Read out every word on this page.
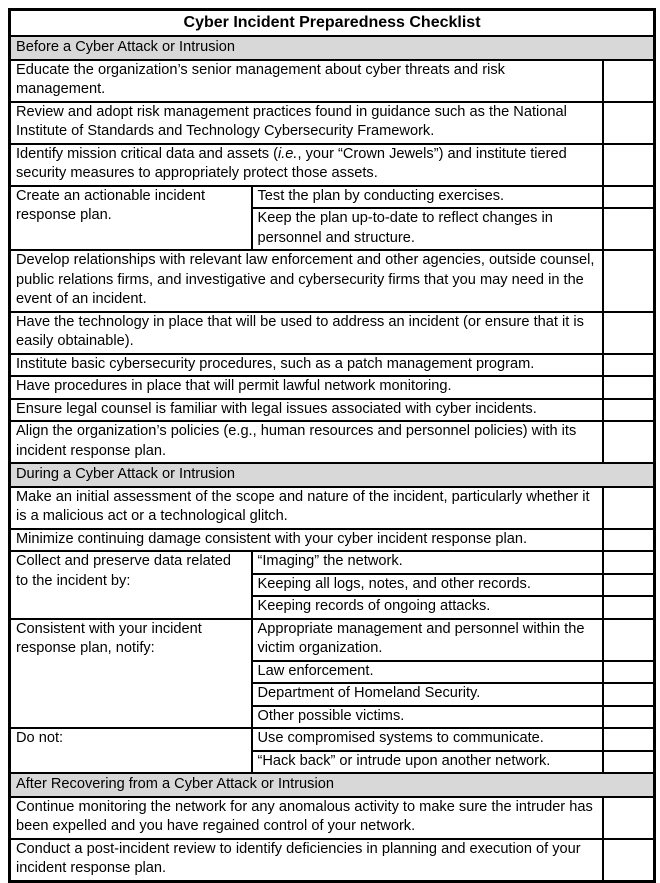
Cyber Incident Preparedness Checklist		
Before a Cyber Attack or Intrusion		
Educate the organization’s senior management about cyber threats and risk management.		
Review and adopt risk management practices found in guidance such as the National Institute of Standards and Technology Cybersecurity Framework.		
Identify mission critical data and assets (i.e., your “Crown Jewels”) and institute tiered security measures to appropriately protect those assets.		
Create an actionable incident response plan.	Test the plan by conducting exercises.	
	Keep the plan up-to-date to reflect changes in personnel and structure.	
Develop relationships with relevant law enforcement and other agencies, outside counsel, public relations firms, and investigative and cybersecurity firms that you may need in the event of an incident.		
Have the technology in place that will be used to address an incident (or ensure that it is easily obtainable).		
Institute basic cybersecurity procedures, such as a patch management program.		
Have procedures in place that will permit lawful network monitoring.		
Ensure legal counsel is familiar with legal issues associated with cyber incidents.		
Align the organization’s policies (e.g., human resources and personnel policies) with its incident response plan.		
During a Cyber Attack or Intrusion		
Make an initial assessment of the scope and nature of the incident, particularly whether it is a malicious act or a technological glitch.		
Minimize continuing damage consistent with your cyber incident response plan.		
Collect and preserve data related to the incident by:	“Imaging” the network.	
	Keeping all logs, notes, and other records.	
	Keeping records of ongoing attacks.	
Consistent with your incident response plan, notify:	Appropriate management and personnel within the victim organization.	
	Law enforcement.	
	Department of Homeland Security.	
	Other possible victims.	
Do not:	Use compromised systems to communicate.	
	“Hack back” or intrude upon another network.	
After Recovering from a Cyber Attack or Intrusion		
Continue monitoring the network for any anomalous activity to make sure the intruder has been expelled and you have regained control of your network.		
Conduct a post-incident review to identify deficiencies in planning and execution of your incident response plan.		
